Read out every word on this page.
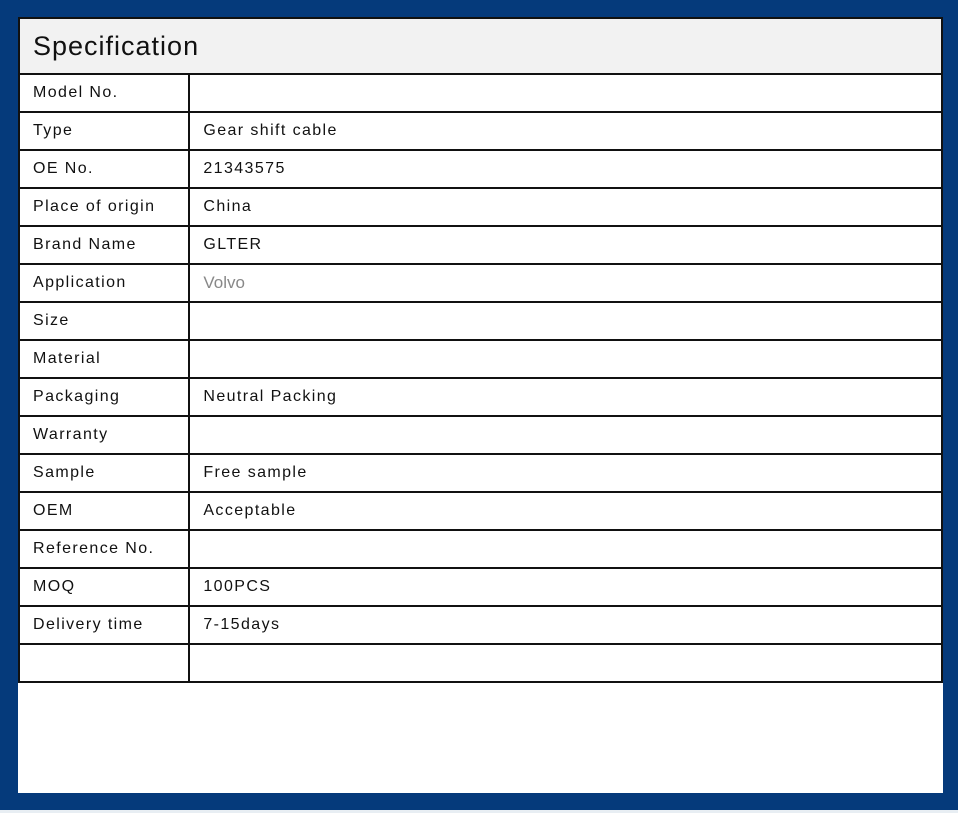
Specification	
Model No.	
Type	Gear shift cable
OE No.	21343575
Place of origin	China
Brand Name	GLTER
Application	Volvo
Size	
Material	
Packaging	Neutral Packing
Warranty	
Sample	Free sample
OEM	Acceptable
Reference No.	
MOQ	100PCS
Delivery time	7-15days
